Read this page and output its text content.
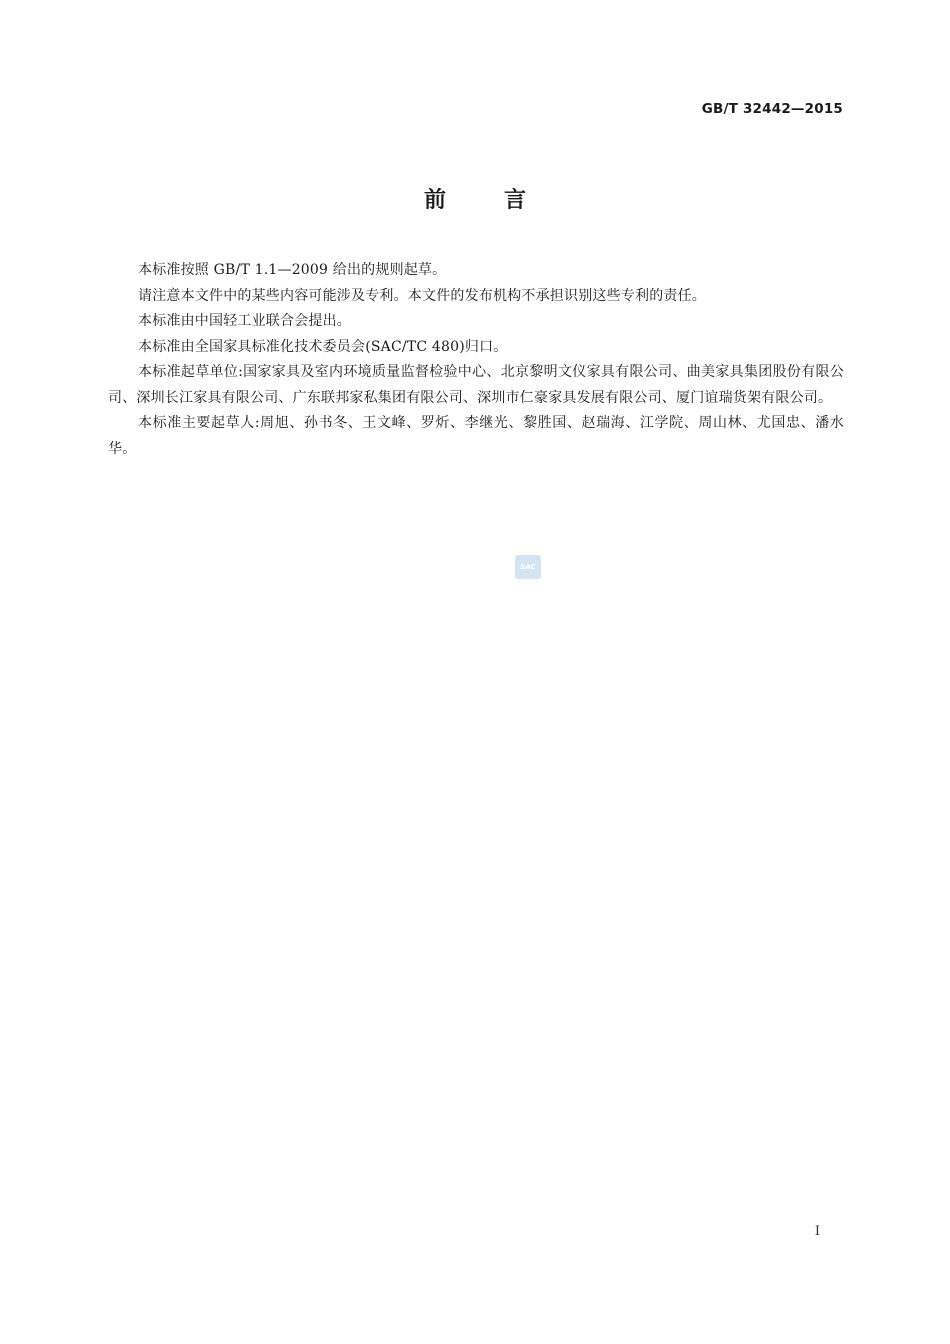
GB/T 32442—2015
前言

本标准按照 GB/T 1.1—2009 给出的规则起草。

请注意本文件中的某些内容可能涉及专利。本文件的发布机构不承担识别这些专利的责任。

本标准由中国轻工业联合会提出。

本标准由全国家具标准化技术委员会(SAC/TC 480)归口。

本标准起草单位:国家家具及室内环境质量监督检验中心、北京黎明文仪家具有限公司、曲美家具集团股份有限公司、深圳长江家具有限公司、广东联邦家私集团有限公司、深圳市仁豪家具发展有限公司、厦门谊瑞货架有限公司。

本标准主要起草人:周旭、孙书冬、王文峰、罗炘、李继光、黎胜国、赵瑞海、江学院、周山林、尤国忠、潘水华。

SAC
I
